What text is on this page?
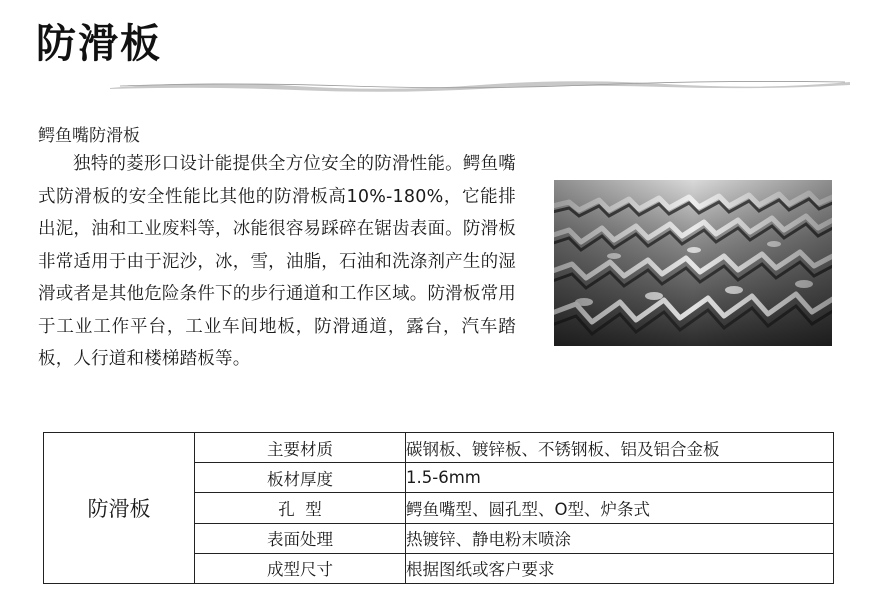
防滑板
鳄鱼嘴防滑板
独特的菱形口设计能提供全方位安全的防滑性能。鳄鱼嘴式防滑板的安全性能比其他的防滑板高10%-180%，它能排出泥，油和工业废料等，冰能很容易踩碎在锯齿表面。防滑板非常适用于由于泥沙，冰，雪，油脂，石油和洗涤剂产生的湿滑或者是其他危险条件下的步行通道和工作区域。防滑板常用于工业工作平台，工业车间地板，防滑通道，露台，汽车踏板，人行道和楼梯踏板等。
防滑板	主要材质	碳钢板、镀锌板、不锈钢板、铝及铝合金板
	板材厚度	1.5-6mm
	孔  型	鳄鱼嘴型、圆孔型、O型、炉条式
	表面处理	热镀锌、静电粉末喷涂
	成型尺寸	根据图纸或客户要求
